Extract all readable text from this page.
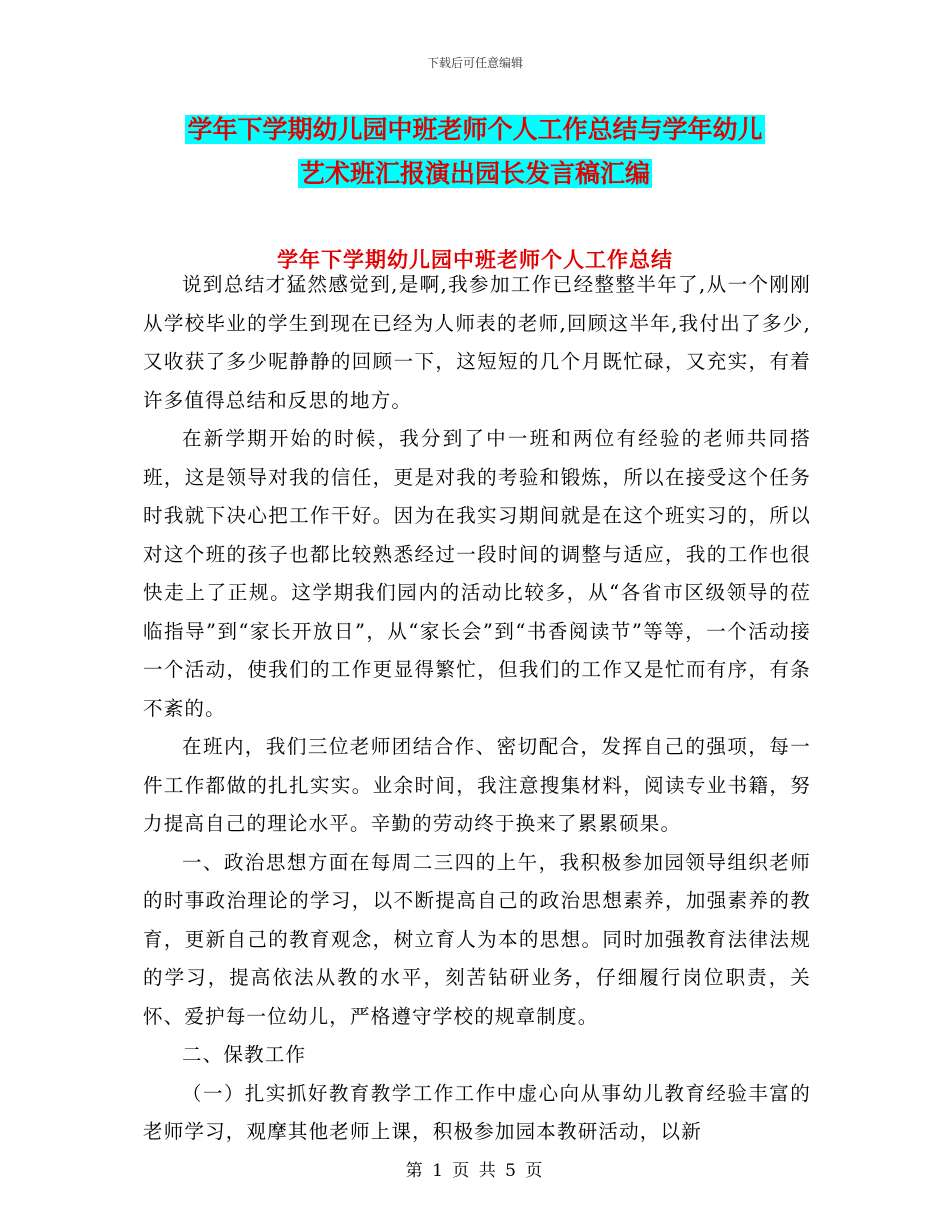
下载后可任意编辑
学年下学期幼儿园中班老师个人工作总结与学年幼儿
艺术班汇报演出园长发言稿汇编
学年下学期幼儿园中班老师个人工作总结

说到总结才猛然感觉到,是啊,我参加工作已经整整半年了,从一个刚刚从学校毕业的学生到现在已经为人师表的老师,回顾这半年,我付出了多少,又收获了多少呢静静的回顾一下，这短短的几个月既忙碌，又充实，有着许多值得总结和反思的地方。

在新学期开始的时候，我分到了中一班和两位有经验的老师共同搭班，这是领导对我的信任，更是对我的考验和锻炼，所以在接受这个任务时我就下决心把工作干好。因为在我实习期间就是在这个班实习的，所以对这个班的孩子也都比较熟悉经过一段时间的调整与适应，我的工作也很快走上了正规。这学期我们园内的活动比较多，从“各省市区级领导的莅临指导”到“家长开放日”，从“家长会”到“书香阅读节”等等，一个活动接一个活动，使我们的工作更显得繁忙，但我们的工作又是忙而有序，有条不紊的。

在班内，我们三位老师团结合作、密切配合，发挥自己的强项，每一件工作都做的扎扎实实。业余时间，我注意搜集材料，阅读专业书籍，努力提高自己的理论水平。辛勤的劳动终于换来了累累硕果。

一、政治思想方面在每周二三四的上午，我积极参加园领导组织老师的时事政治理论的学习，以不断提高自己的政治思想素养，加强素养的教育，更新自己的教育观念，树立育人为本的思想。同时加强教育法律法规的学习，提高依法从教的水平，刻苦钻研业务，仔细履行岗位职责，关怀、爱护每一位幼儿，严格遵守学校的规章制度。

二、保教工作

（一）扎实抓好教育教学工作工作中虚心向从事幼儿教育经验丰富的老师学习，观摩其他老师上课，积极参加园本教研活动，以新

第 1 页 共 5 页
